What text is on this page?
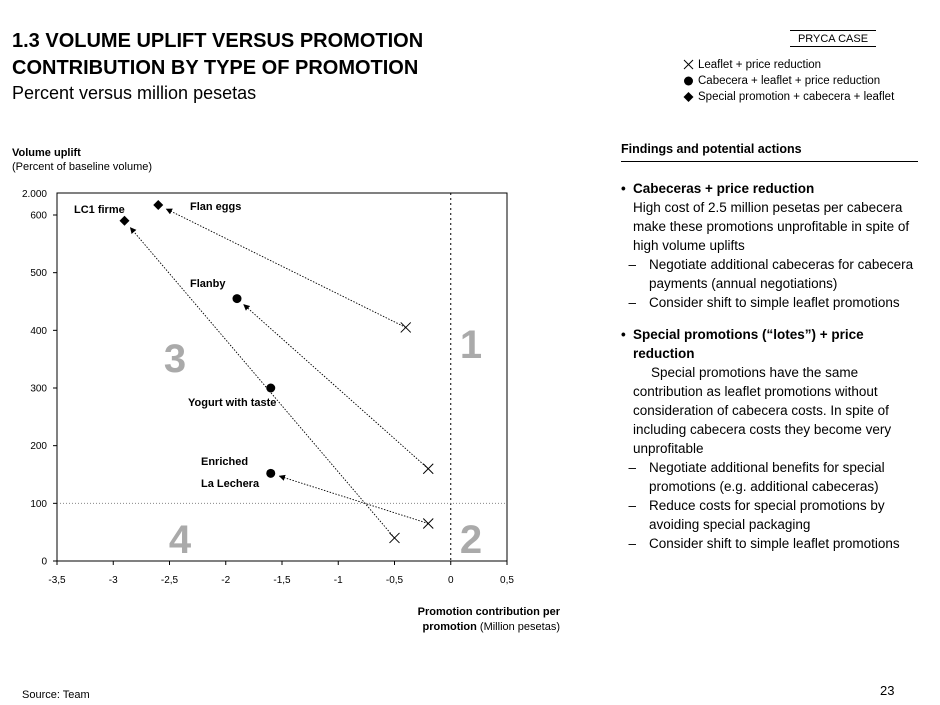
1.3 VOLUME UPLIFT VERSUS PROMOTION
CONTRIBUTION BY TYPE OF PROMOTION
Percent versus million pesetas
PRYCA CASE
Leaflet + price reduction
Cabecera + leaflet + price reduction
Special promotion + cabecera + leaflet
Volume uplift
(Percent of baseline volume)
Promotion contribution per
promotion (Million pesetas)
0
100
200
300
400
500
600
2.000
-3,5	-3	-2,5	-2	-1,5	-1	-0,5	0	0,5
1
2
3
4
Flan eggs
LC1 firme
Flanby
Yogurt with taste
Enriched
La Lechera
Findings and potential actions
• Cabeceras + price reduction
High cost of 2.5 million pesetas per cabecera make these promotions unprofitable in spite of high volume uplifts
– Negotiate additional cabeceras for cabecera payments (annual negotiations)
– Consider shift to simple leaflet promotions
• Special promotions (“lotes”) + price reduction
Special promotions have the same contribution as leaflet promotions without consideration of cabecera costs. In spite of including cabecera costs they become very unprofitable
– Negotiate additional benefits for special promotions (e.g. additional cabeceras)
– Reduce costs for special promotions by avoiding special packaging
– Consider shift to simple leaflet promotions
Source: Team	23
